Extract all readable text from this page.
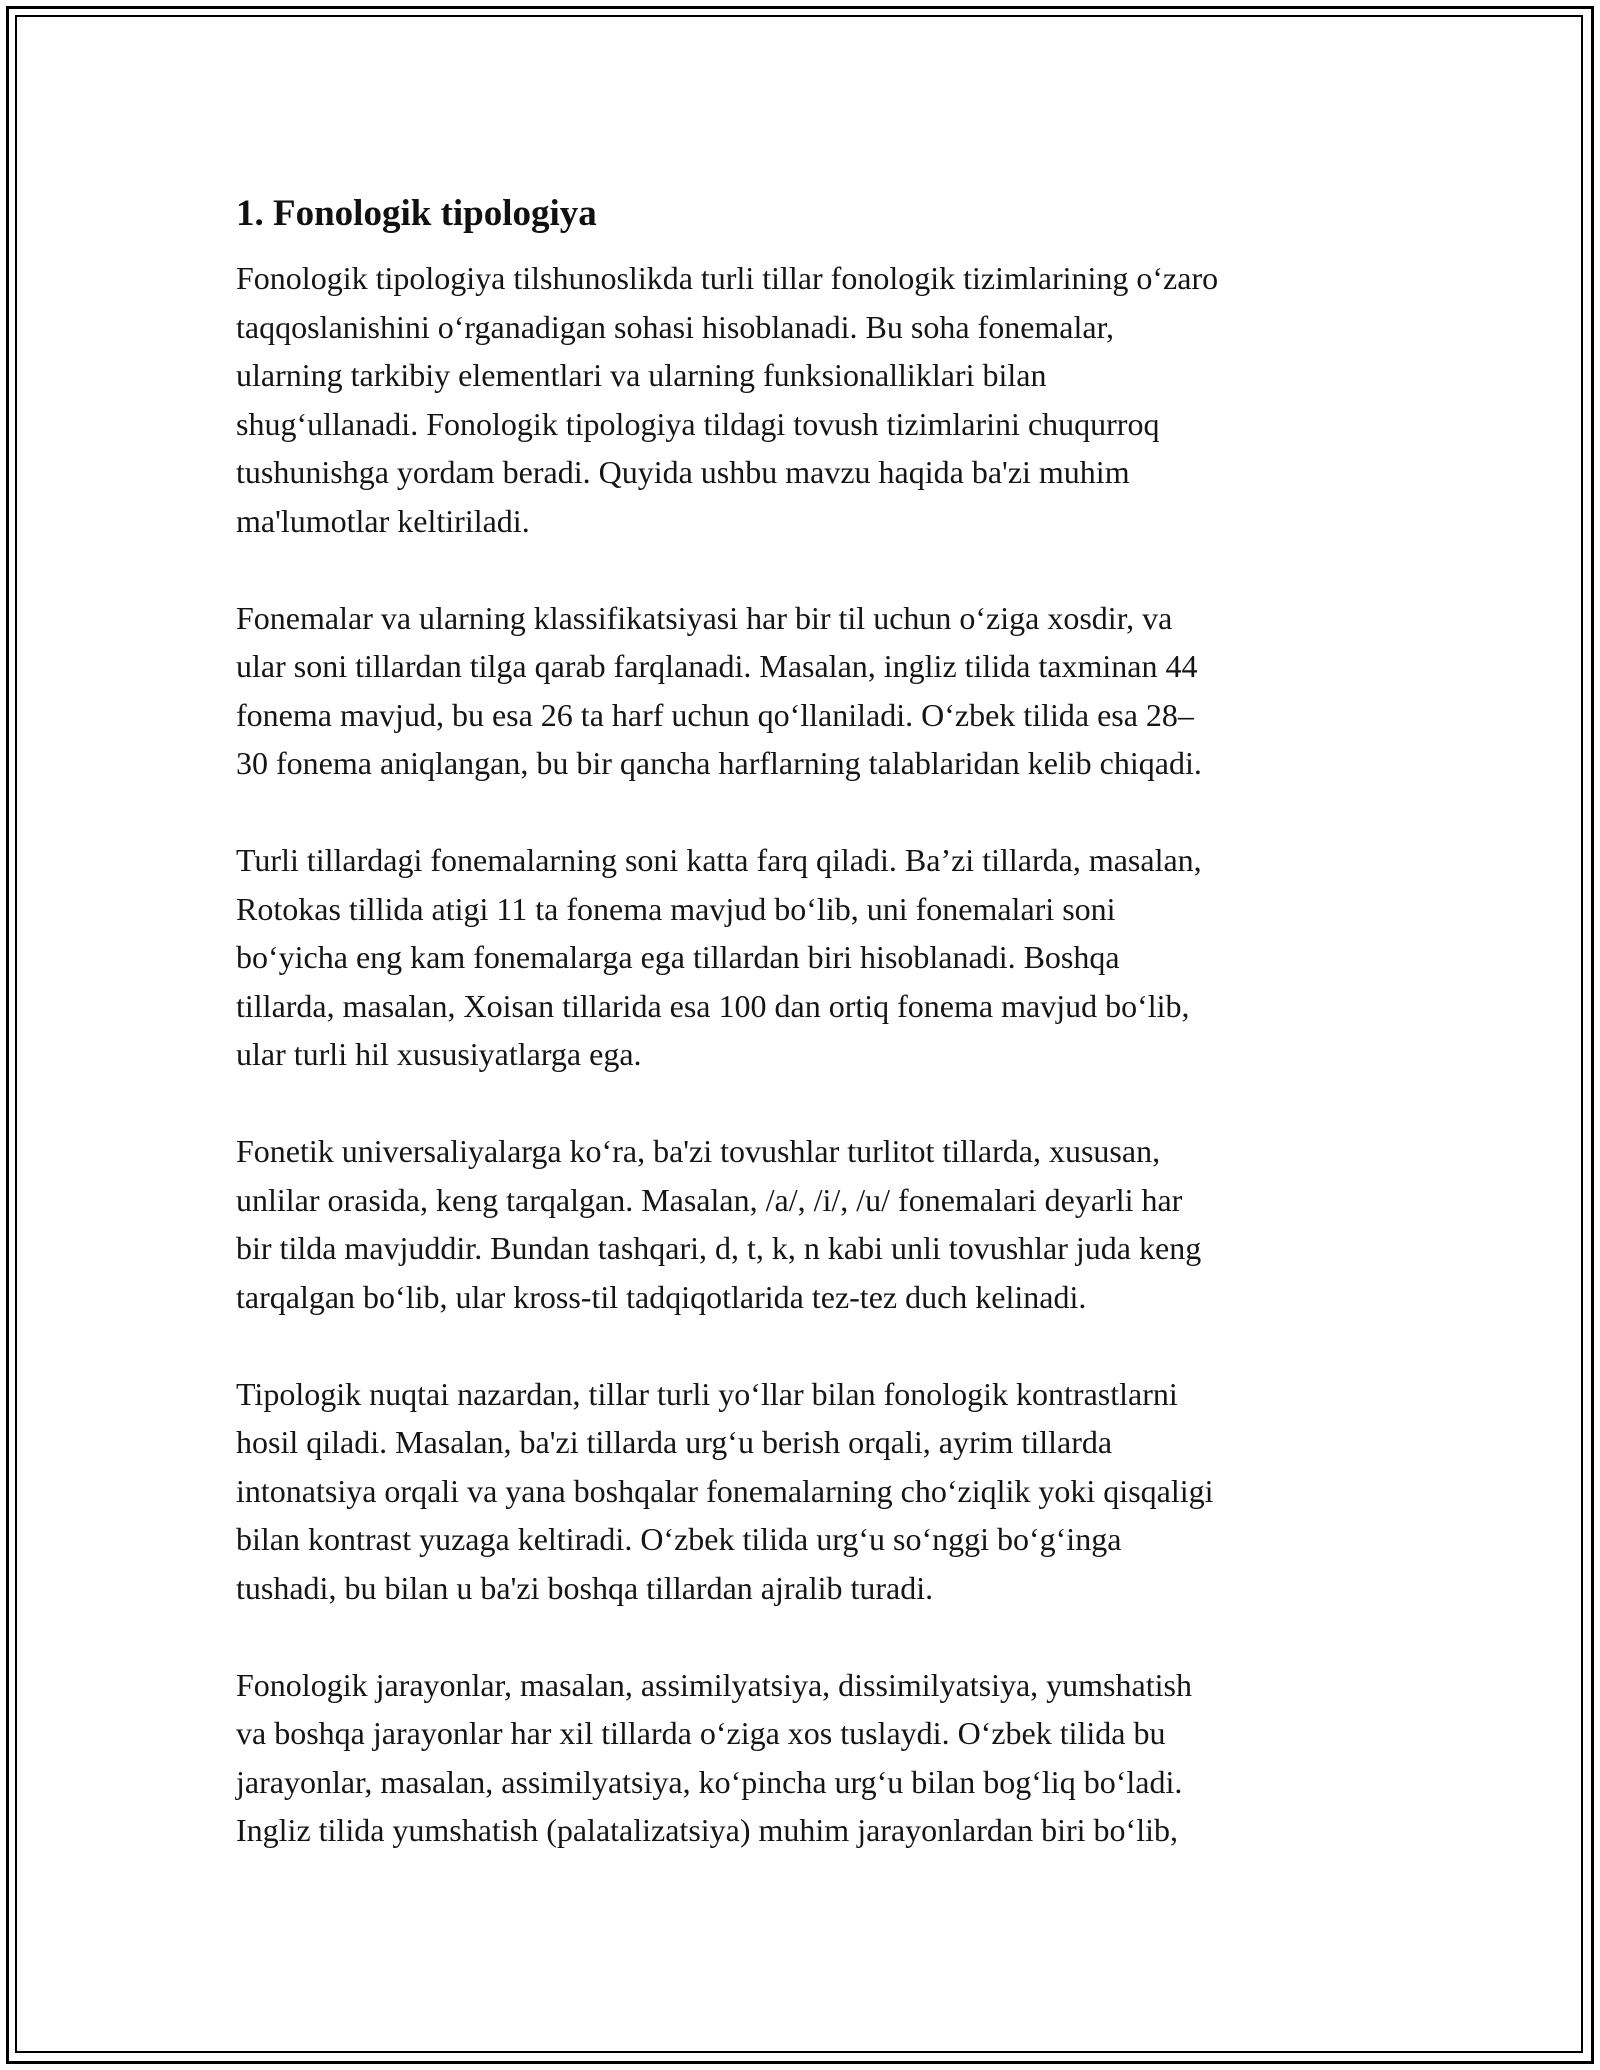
1. Fonologik tipologiya

Fonologik tipologiya tilshunoslikda turli tillar fonologik tizimlarining o‘zaro
taqqoslanishini o‘rganadigan sohasi hisoblanadi. Bu soha fonemalar,
ularning tarkibiy elementlari va ularning funksionalliklari bilan
shug‘ullanadi. Fonologik tipologiya tildagi tovush tizimlarini chuqurroq
tushunishga yordam beradi. Quyida ushbu mavzu haqida ba'zi muhim
ma'lumotlar keltiriladi.

Fonemalar va ularning klassifikatsiyasi har bir til uchun o‘ziga xosdir, va
ular soni tillardan tilga qarab farqlanadi. Masalan, ingliz tilida taxminan 44
fonema mavjud, bu esa 26 ta harf uchun qo‘llaniladi. O‘zbek tilida esa 28–
30 fonema aniqlangan, bu bir qancha harflarning talablaridan kelib chiqadi.

Turli tillardagi fonemalarning soni katta farq qiladi. Ba’zi tillarda, masalan,
Rotokas tillida atigi 11 ta fonema mavjud bo‘lib, uni fonemalari soni
bo‘yicha eng kam fonemalarga ega tillardan biri hisoblanadi. Boshqa
tillarda, masalan, Xoisan tillarida esa 100 dan ortiq fonema mavjud bo‘lib,
ular turli hil xususiyatlarga ega.

Fonetik universaliyalarga ko‘ra, ba'zi tovushlar turlitot tillarda, xususan,
unlilar orasida, keng tarqalgan. Masalan, /a/, /i/, /u/ fonemalari deyarli har
bir tilda mavjuddir. Bundan tashqari, d, t, k, n kabi unli tovushlar juda keng
tarqalgan bo‘lib, ular kross-til tadqiqotlarida tez-tez duch kelinadi.

Tipologik nuqtai nazardan, tillar turli yo‘llar bilan fonologik kontrastlarni
hosil qiladi. Masalan, ba'zi tillarda urg‘u berish orqali, ayrim tillarda
intonatsiya orqali va yana boshqalar fonemalarning cho‘ziqlik yoki qisqaligi
bilan kontrast yuzaga keltiradi. O‘zbek tilida urg‘u so‘nggi bo‘g‘inga
tushadi, bu bilan u ba'zi boshqa tillardan ajralib turadi.

Fonologik jarayonlar, masalan, assimilyatsiya, dissimilyatsiya, yumshatish
va boshqa jarayonlar har xil tillarda o‘ziga xos tuslaydi. O‘zbek tilida bu
jarayonlar, masalan, assimilyatsiya, ko‘pincha urg‘u bilan bog‘liq bo‘ladi.
Ingliz tilida yumshatish (palatalizatsiya) muhim jarayonlardan biri bo‘lib,
